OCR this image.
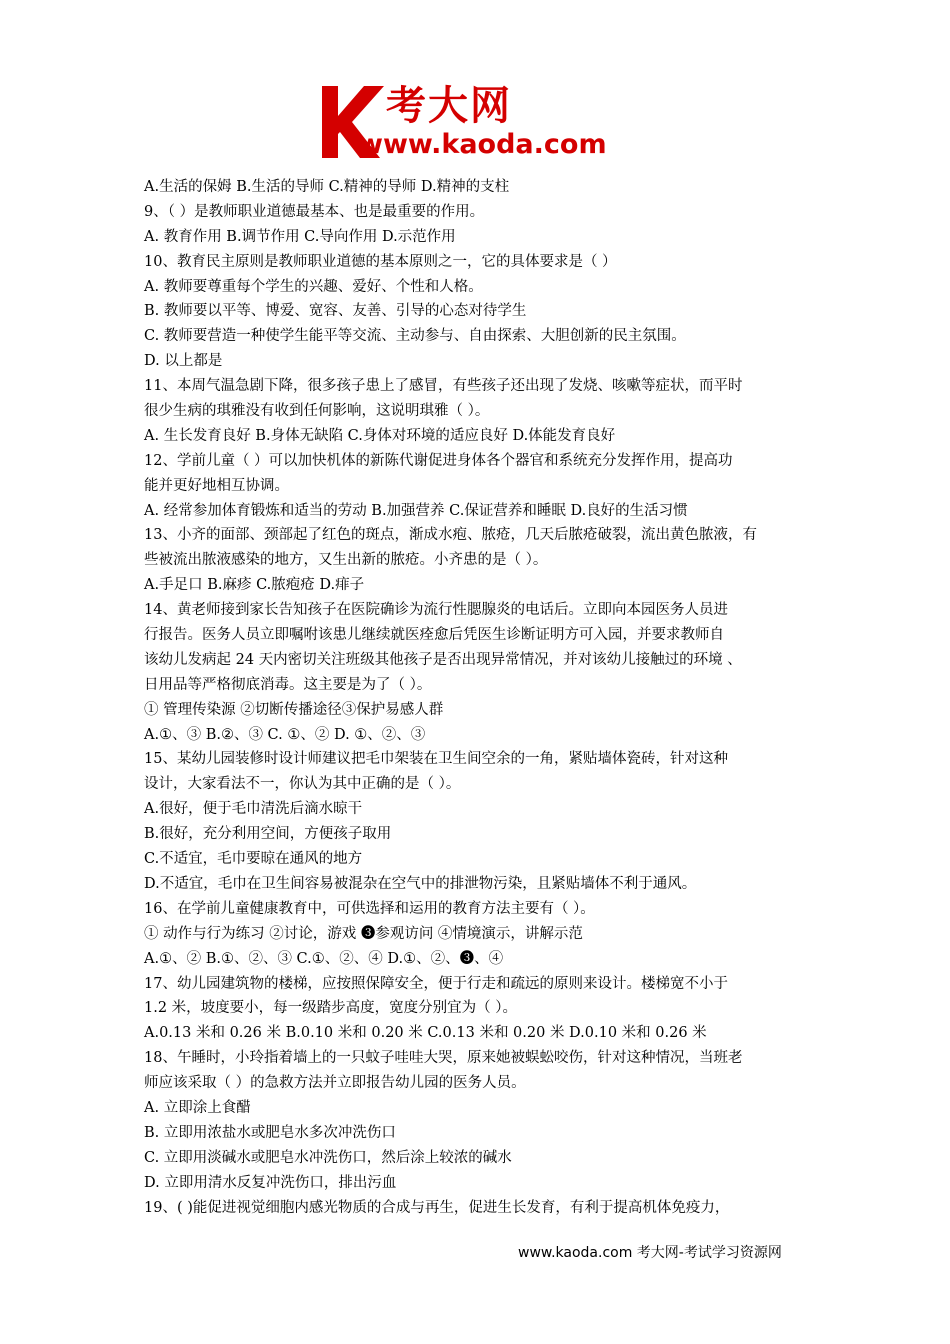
考大网
www.kaoda.com
A.生活的保姆 B.生活的导师 C.精神的导师 D.精神的支柱
9、（ ）是教师职业道德最基本、也是最重要的作用。
A. 教育作用 B.调节作用 C.导向作用 D.示范作用
10、教育民主原则是教师职业道德的基本原则之一，它的具体要求是（ ）
A. 教师要尊重每个学生的兴趣、爱好、个性和人格。
B. 教师要以平等、博爱、宽容、友善、引导的心态对待学生
C. 教师要营造一种使学生能平等交流、主动参与、自由探索、大胆创新的民主氛围。
D. 以上都是
11、本周气温急剧下降，很多孩子患上了感冒，有些孩子还出现了发烧、咳嗽等症状，而平时
很少生病的琪雅没有收到任何影响，这说明琪雅（ ）。
A. 生长发育良好 B.身体无缺陷 C.身体对环境的适应良好 D.体能发育良好
12、学前儿童（ ）可以加快机体的新陈代谢促进身体各个器官和系统充分发挥作用，提高功
能并更好地相互协调。
A. 经常参加体育锻炼和适当的劳动 B.加强营养 C.保证营养和睡眠 D.良好的生活习惯
13、小齐的面部、颈部起了红色的斑点，渐成水疱、脓疮，几天后脓疮破裂，流出黄色脓液，有
些被流出脓液感染的地方，又生出新的脓疮。小齐患的是（ ）。
A.手足口 B.麻疹 C.脓疱疮 D.痱子
14、黄老师接到家长告知孩子在医院确诊为流行性腮腺炎的电话后。立即向本园医务人员进
行报告。医务人员立即嘱咐该患儿继续就医痊愈后凭医生诊断证明方可入园，并要求教师自
该幼儿发病起 24 天内密切关注班级其他孩子是否出现异常情况，并对该幼儿接触过的环境 、
日用品等严格彻底消毒。这主要是为了（ ）。
① 管理传染源 ②切断传播途径③保护易感人群
A.①、③ B.②、③ C. ①、② D. ①、②、③
15、某幼儿园装修时设计师建议把毛巾架装在卫生间空余的一角，紧贴墙体瓷砖，针对这种
设计，大家看法不一，你认为其中正确的是（ ）。
A.很好，便于毛巾清洗后滴水晾干
B.很好，充分利用空间，方便孩子取用
C.不适宜，毛巾要晾在通风的地方
D.不适宜，毛巾在卫生间容易被混杂在空气中的排泄物污染，且紧贴墙体不利于通风。
16、在学前儿童健康教育中，可供选择和运用的教育方法主要有（ ）。
① 动作与行为练习 ②讨论，游戏 ❸参观访问 ④情境演示，讲解示范
A.①、② B.①、②、③ C.①、②、④ D.①、②、❸、④
17、幼儿园建筑物的楼梯，应按照保障安全，便于行走和疏远的原则来设计。楼梯宽不小于
1.2 米，坡度要小，每一级踏步高度，宽度分别宜为（ ）。
A.0.13 米和 0.26 米 B.0.10 米和 0.20 米 C.0.13 米和 0.20 米 D.0.10 米和 0.26 米
18、午睡时，小玲指着墙上的一只蚊子哇哇大哭，原来她被蜈蚣咬伤，针对这种情况，当班老
师应该采取（ ）的急救方法并立即报告幼儿园的医务人员。
A. 立即涂上食醋
B. 立即用浓盐水或肥皂水多次冲洗伤口
C. 立即用淡碱水或肥皂水冲洗伤口，然后涂上较浓的碱水
D. 立即用清水反复冲洗伤口，排出污血
19、( )能促进视觉细胞内感光物质的合成与再生，促进生长发育，有利于提高机体免疫力，
www.kaoda.com 考大网-考试学习资源网
